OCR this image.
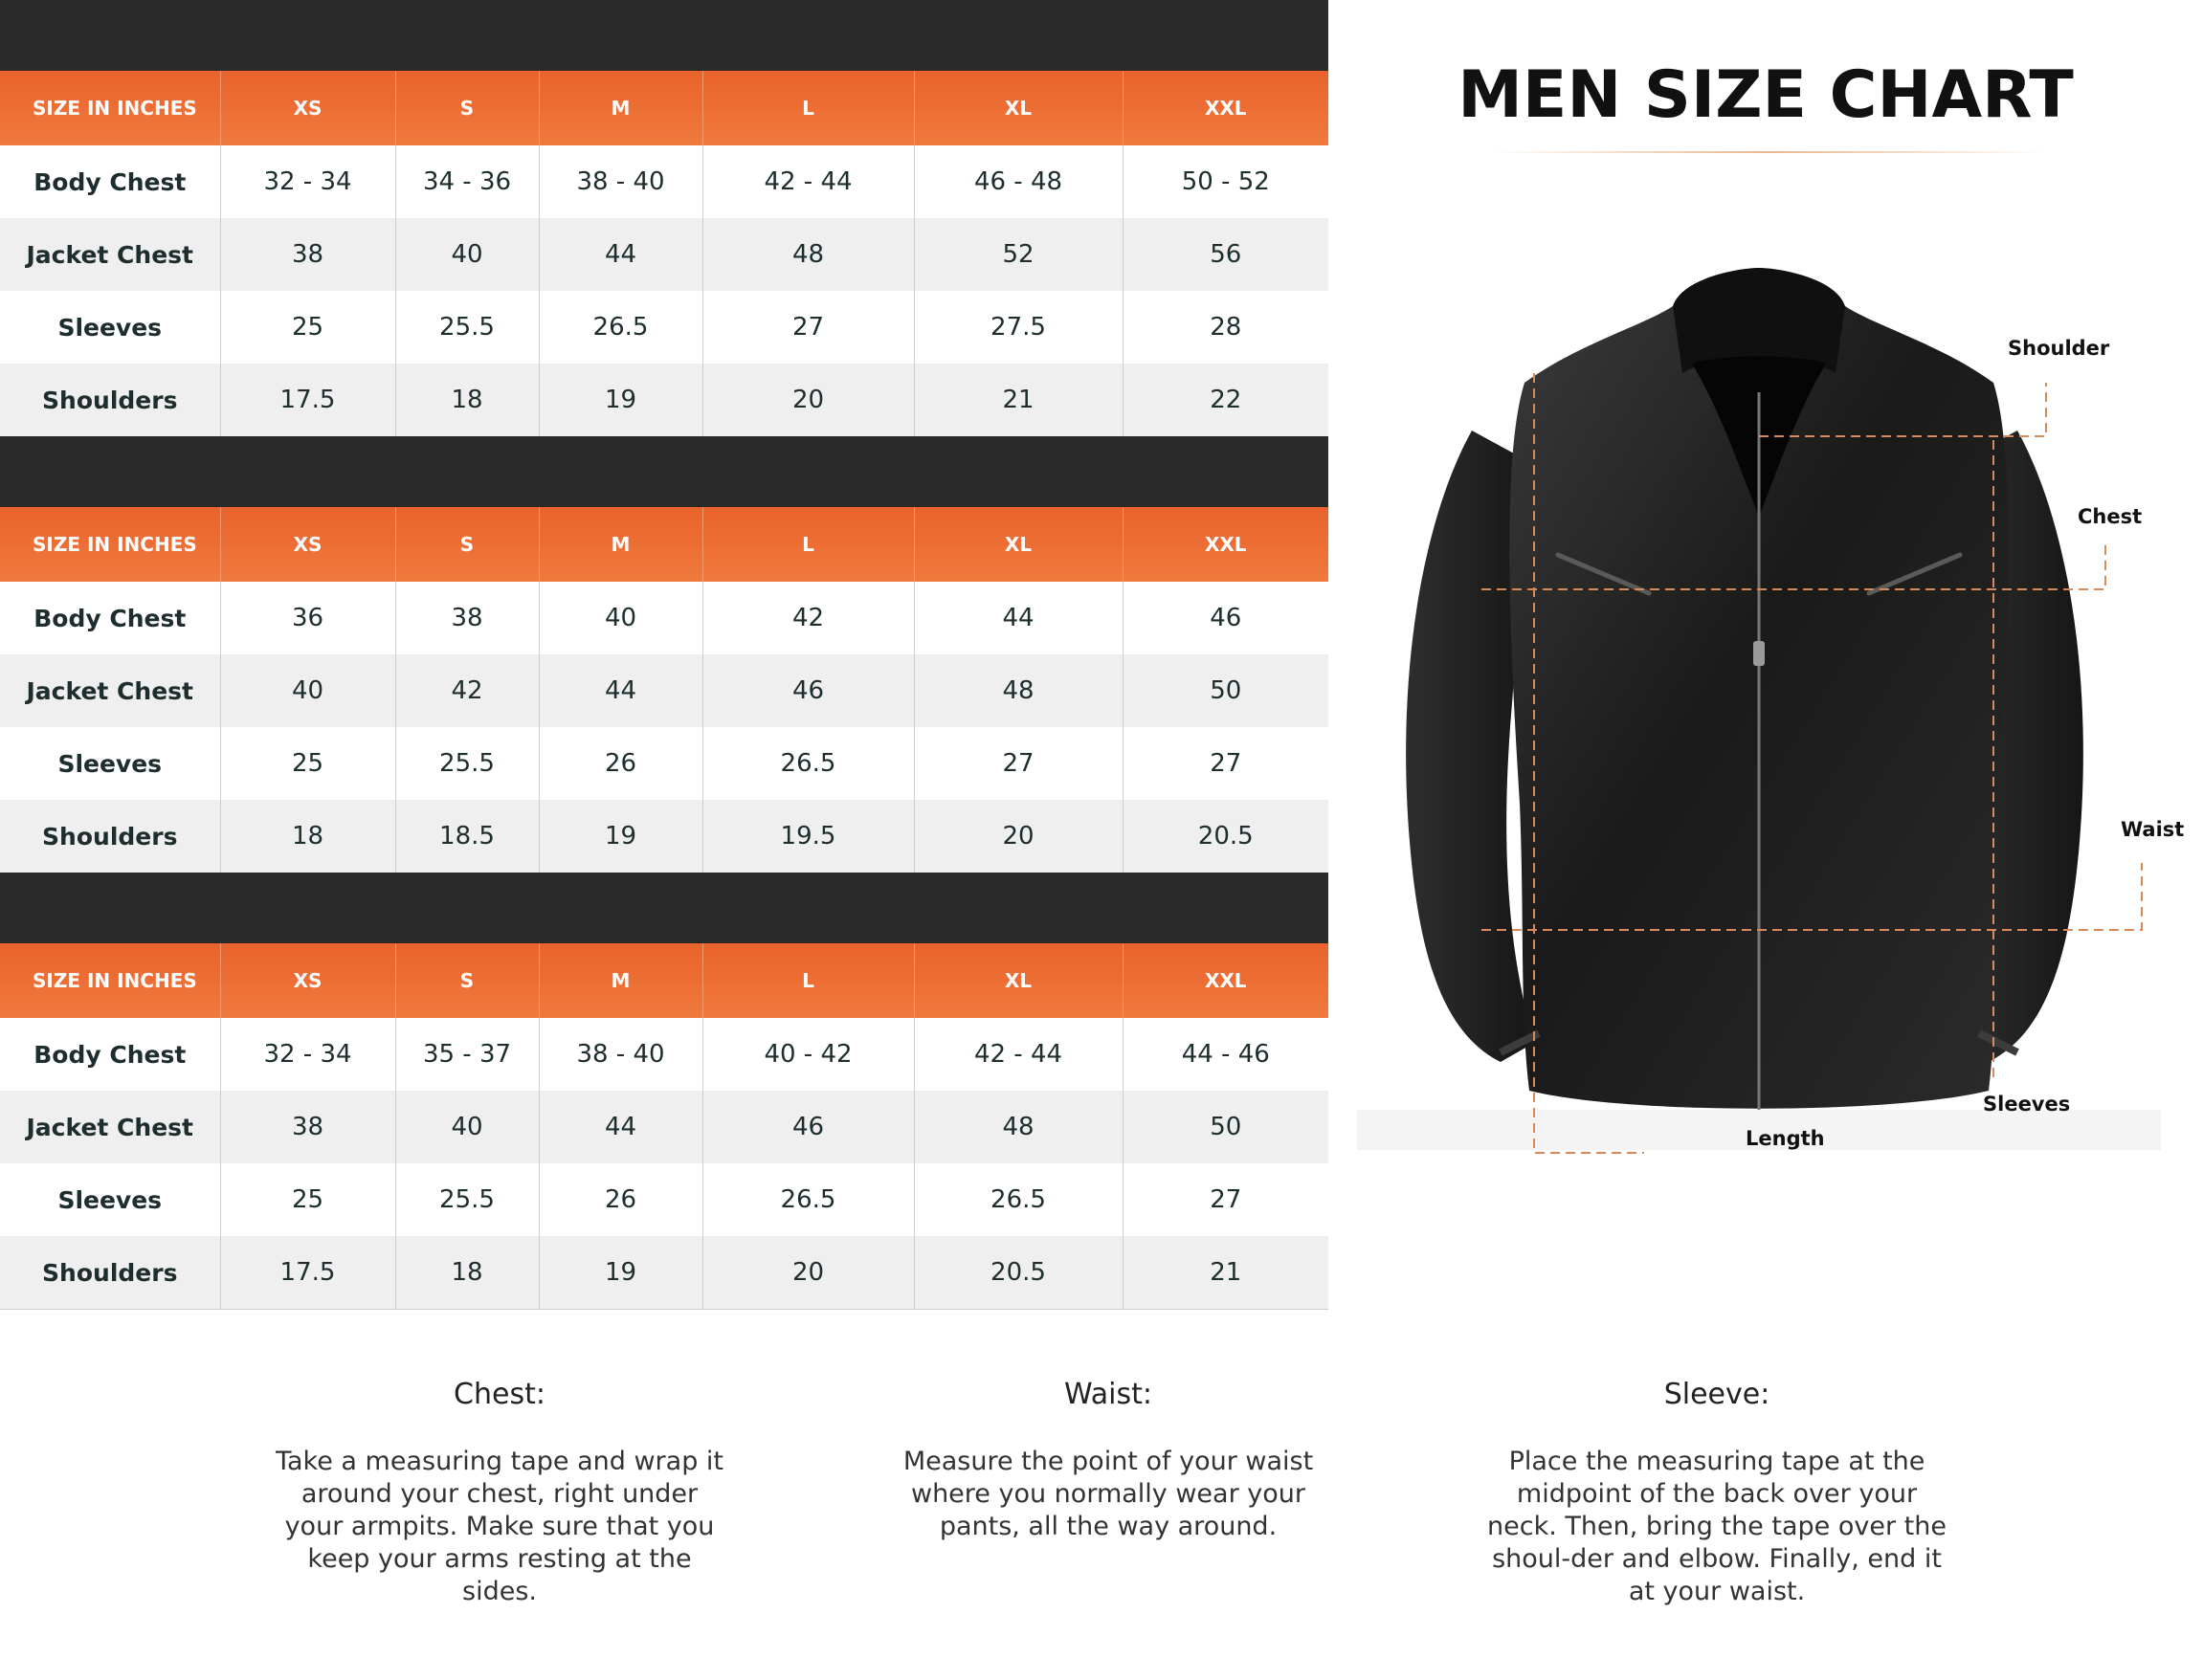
SIZE IN INCHES	XS	S	M	L	XL	XXL
Body Chest	32 - 34	34 - 36	38 - 40	42 - 44	46 - 48	50 - 52
Jacket Chest	38	40	44	48	52	56
Sleeves	25	25.5	26.5	27	27.5	28
Shoulders	17.5	18	19	20	21	22
SIZE IN INCHES	XS	S	M	L	XL	XXL
Body Chest	36	38	40	42	44	46
Jacket Chest	40	42	44	46	48	50
Sleeves	25	25.5	26	26.5	27	27
Shoulders	18	18.5	19	19.5	20	20.5
SIZE IN INCHES	XS	S	M	L	XL	XXL
Body Chest	32 - 34	35 - 37	38 - 40	40 - 42	42 - 44	44 - 46
Jacket Chest	38	40	44	46	48	50
Sleeves	25	25.5	26	26.5	26.5	27
Shoulders	17.5	18	19	20	20.5	21
MEN SIZE CHART
Shoulder
Chest
Waist
Sleeves
Length

Chest:

Take a measuring tape and wrap it around your chest, right under your armpits. Make sure that you keep your arms resting at the sides.

Waist:

Measure the point of your waist where you normally wear your pants, all the way around.

Sleeve:

Place the measuring tape at the midpoint of the back over your neck. Then, bring the tape over the shoul-der and elbow. Finally, end it at your waist.
